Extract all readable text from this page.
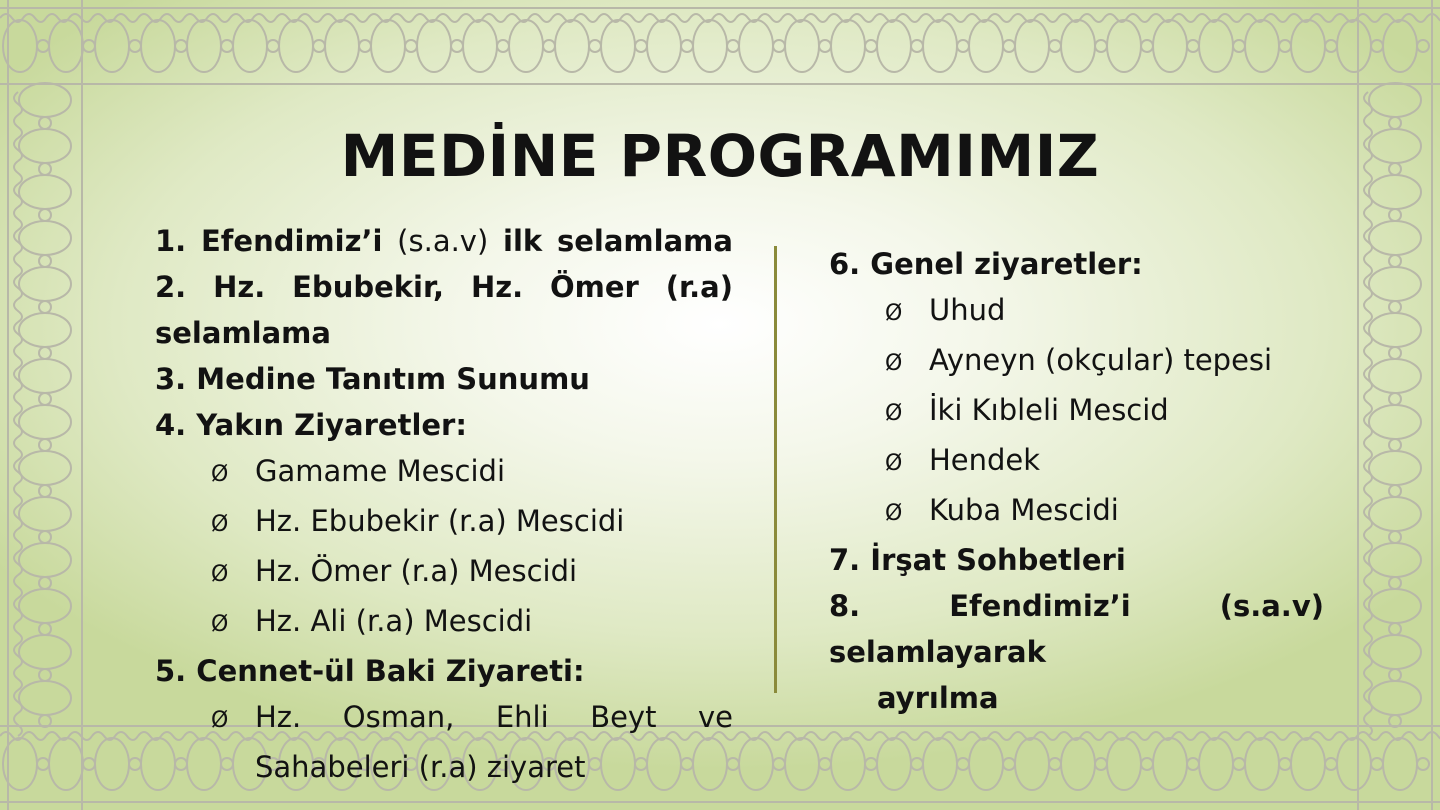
MEDİNE PROGRAMIMIZ
1. Efendimiz’i (s.a.v) ilk selamlama
2. Hz. Ebubekir, Hz. Ömer (r.a)
selamlama
3. Medine Tanıtım Sunumu
4. Yakın Ziyaretler:
Ø Gamame Mescidi
Ø Hz. Ebubekir (r.a) Mescidi
Ø Hz. Ömer (r.a) Mescidi
Ø Hz. Ali (r.a) Mescidi
5. Cennet-ül Baki Ziyareti:
Ø Hz. Osman, Ehli Beyt ve
Sahabeleri (r.a) ziyaret
6. Genel ziyaretler:
Ø Uhud
Ø Ayneyn (okçular) tepesi
Ø İki Kıbleli Mescid
Ø Hendek
Ø Kuba Mescidi
7. İrşat Sohbetleri
8.	Efendimiz’i	(s.a.v)
selamlayarak
ayrılma
